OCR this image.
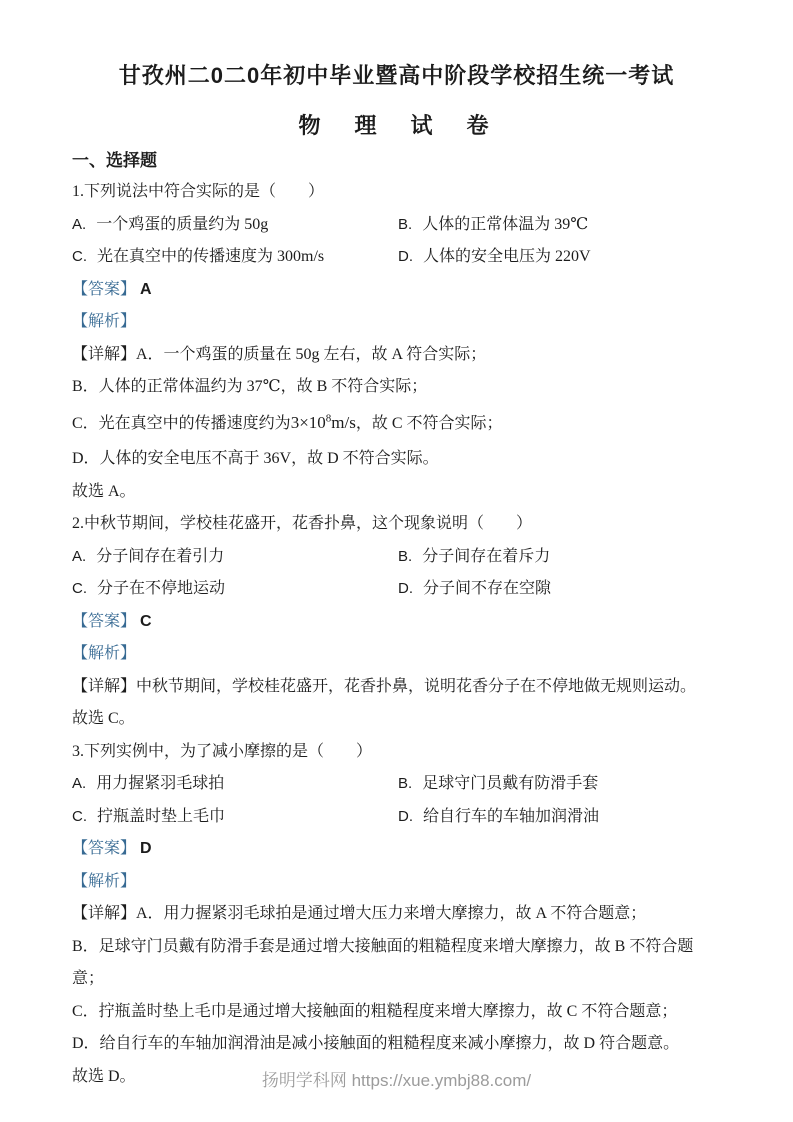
甘孜州二0二0年初中毕业暨高中阶段学校招生统一考试
物　理　试　卷
一、选择题

1.下列说法中符合实际的是（　　）

A. 一个鸡蛋的质量约为 50g	B. 人体的正常体温为 39℃
C. 光在真空中的传播速度为 300m/s	D. 人体的安全电压为 220V

【答案】 A

【解析】

【详解】A．一个鸡蛋的质量在 50g 左右，故 A 符合实际；

B．人体的正常体温约为 37℃，故 B 不符合实际；

C．光在真空中的传播速度约为$3\times 10^8m/s$，故 C 不符合实际；

D．人体的安全电压不高于 36V，故 D 不符合实际。

故选 A。

2.中秋节期间，学校桂花盛开，花香扑鼻，这个现象说明（　　）

A. 分子间存在着引力	B. 分子间存在着斥力
C. 分子在不停地运动	D. 分子间不存在空隙

【答案】 C

【解析】

【详解】中秋节期间，学校桂花盛开，花香扑鼻，说明花香分子在不停地做无规则运动。

故选 C。

3.下列实例中，为了减小摩擦的是（　　）

A. 用力握紧羽毛球拍	B. 足球守门员戴有防滑手套
C. 拧瓶盖时垫上毛巾	D. 给自行车的车轴加润滑油

【答案】 D

【解析】

【详解】A．用力握紧羽毛球拍是通过增大压力来增大摩擦力，故 A 不符合题意；

B．足球守门员戴有防滑手套是通过增大接触面的粗糙程度来增大摩擦力，故 B 不符合题意；

C．拧瓶盖时垫上毛巾是通过增大接触面的粗糙程度来增大摩擦力，故 C 不符合题意；

D．给自行车的车轴加润滑油是减小接触面的粗糙程度来减小摩擦力，故 D 符合题意。

故选 D。	扬明学科网 https://xue.ymbj88.com/
